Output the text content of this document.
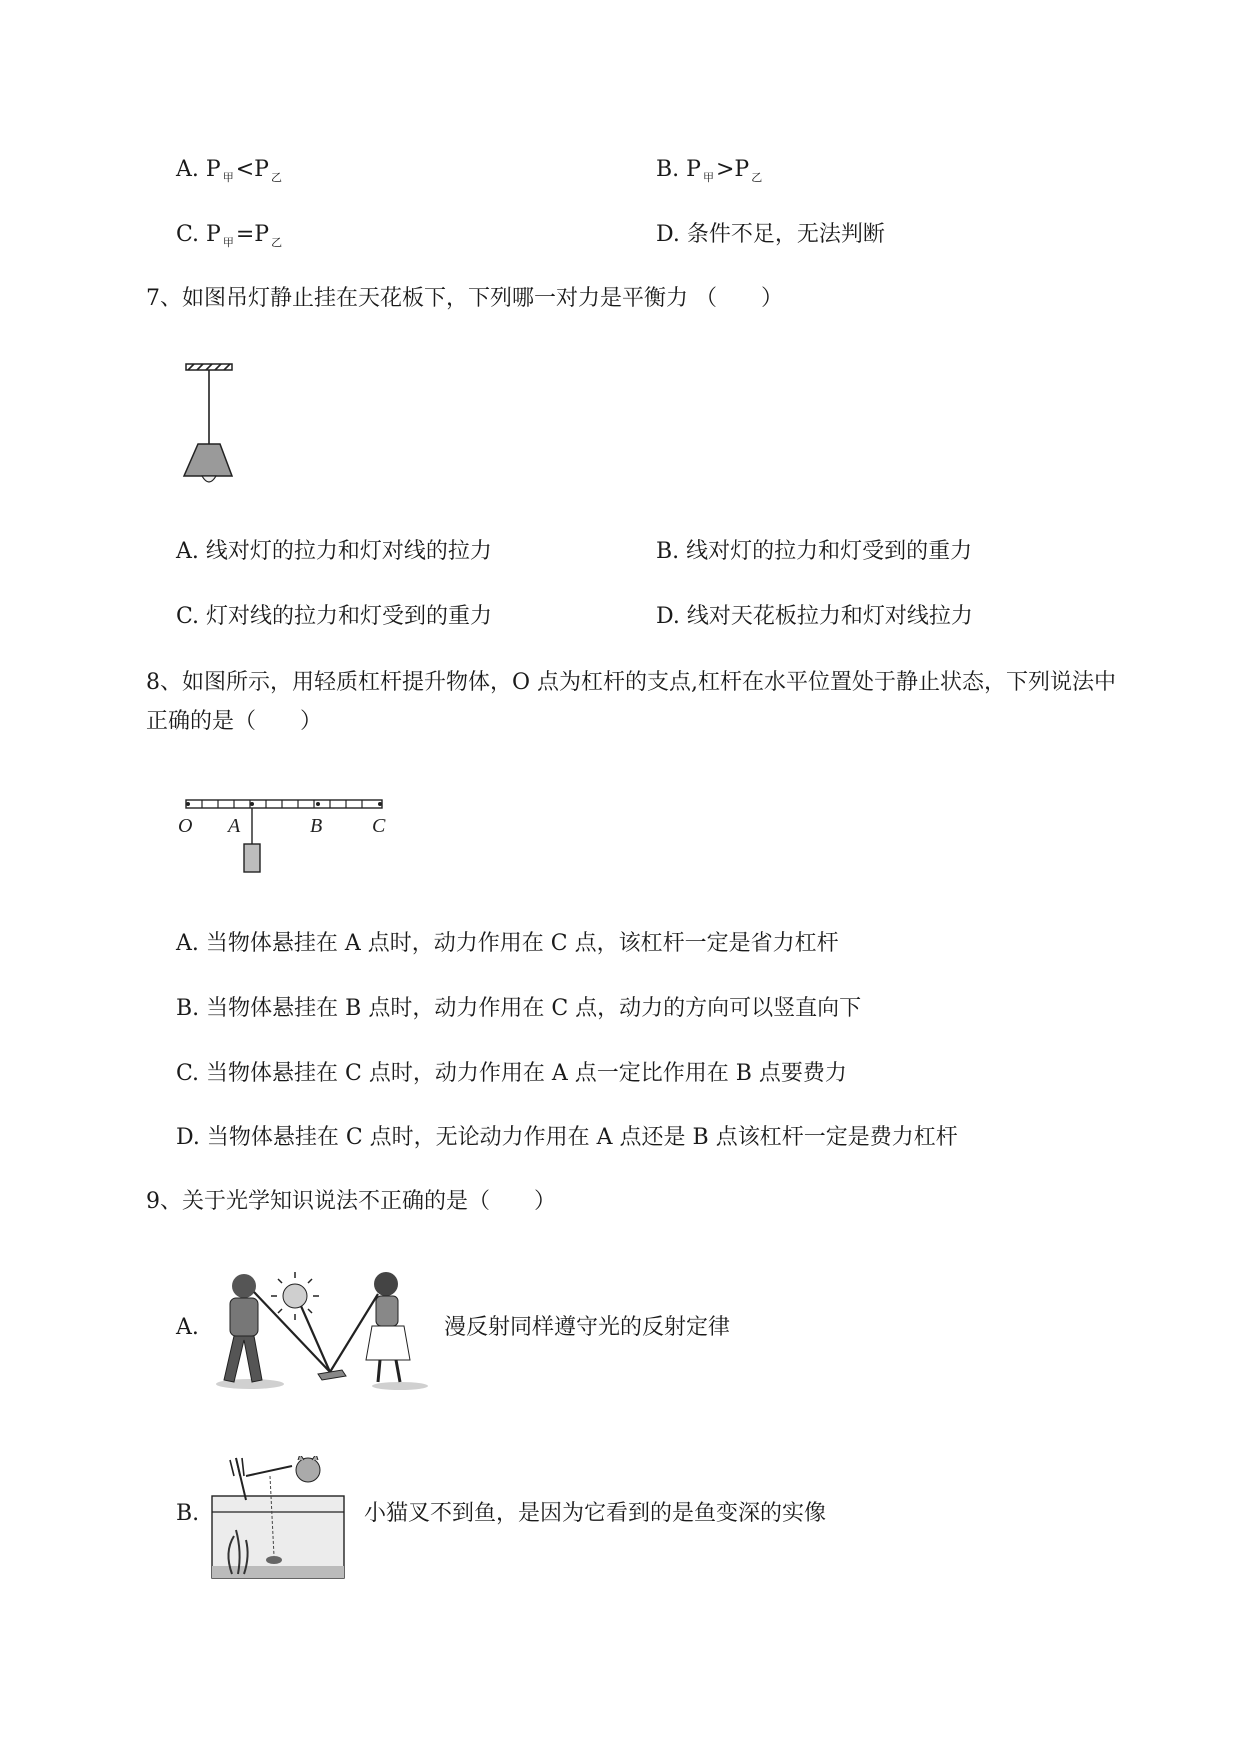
A. P $_甲$<P $_乙$	B. P $_甲$>P $_乙$
C. P $_甲$=P $_乙$	D. 条件不足，无法判断
7、如图吊灯静止挂在天花板下，下列哪一对力是平衡力 （　　）
A. 线对灯的拉力和灯对线的拉力	B. 线对灯的拉力和灯受到的重力
C. 灯对线的拉力和灯受到的重力	D. 线对天花板拉力和灯对线拉力
8、如图所示，用轻质杠杆提升物体，O 点为杠杆的支点,杠杆在水平位置处于静止状态，下列说法中
正确的是（　　）
O A	B C
A. 当物体悬挂在 A 点时，动力作用在 C 点，该杠杆一定是省力杠杆
B. 当物体悬挂在 B 点时，动力作用在 C 点，动力的方向可以竖直向下
C. 当物体悬挂在 C 点时，动力作用在 A 点一定比作用在 B 点要费力
D. 当物体悬挂在 C 点时，无论动力作用在 A 点还是 B 点该杠杆一定是费力杠杆
9、关于光学知识说法不正确的是（　　）
A.	漫反射同样遵守光的反射定律
B.	小猫叉不到鱼，是因为它看到的是鱼变深的实像
